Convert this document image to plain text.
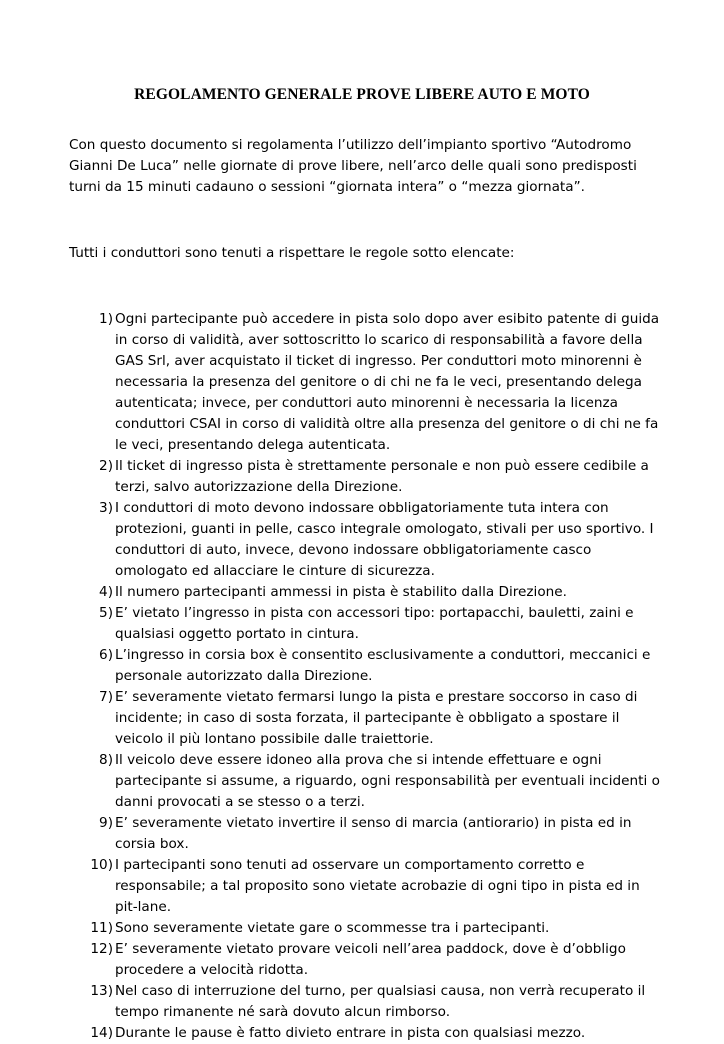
REGOLAMENTO GENERALE PROVE LIBERE AUTO E MOTO

Con questo documento si regolamenta l’utilizzo dell’impianto sportivo “Autodromo Gianni De Luca” nelle giornate di prove libere, nell’arco delle quali sono predisposti turni da 15 minuti cadauno o sessioni “giornata intera” o “mezza giornata”.

Tutti i conduttori sono tenuti a rispettare le regole sotto elencate:

1) Ogni partecipante può accedere in pista solo dopo aver esibito patente di guida in corso di validità, aver sottoscritto lo scarico di responsabilità a favore della GAS Srl, aver acquistato il ticket di ingresso. Per conduttori moto minorenni è necessaria la presenza del genitore o di chi ne fa le veci, presentando delega autenticata; invece, per conduttori auto minorenni è necessaria la licenza conduttori CSAI in corso di validità oltre alla presenza del genitore o di chi ne fa le veci, presentando delega autenticata.
2) Il ticket di ingresso pista è strettamente personale e non può essere cedibile a terzi, salvo autorizzazione della Direzione.
3) I conduttori di moto devono indossare obbligatoriamente tuta intera con protezioni, guanti in pelle, casco integrale omologato, stivali per uso sportivo. I conduttori di auto, invece, devono indossare obbligatoriamente casco omologato ed allacciare le cinture di sicurezza.
4) Il numero partecipanti ammessi in pista è stabilito dalla Direzione.
5) E’ vietato l’ingresso in pista con accessori tipo: portapacchi, bauletti, zaini e qualsiasi oggetto portato in cintura.
6) L’ingresso in corsia box è consentito esclusivamente a conduttori, meccanici e personale autorizzato dalla Direzione.
7) E’ severamente vietato fermarsi lungo la pista e prestare soccorso in caso di incidente; in caso di sosta forzata, il partecipante è obbligato a spostare il veicolo il più lontano possibile dalle traiettorie.
8) Il veicolo deve essere idoneo alla prova che si intende effettuare e ogni partecipante si assume, a riguardo, ogni responsabilità per eventuali incidenti o danni provocati a se stesso o a terzi.
9) E’ severamente vietato invertire il senso di marcia (antiorario) in pista ed in corsia box.
10) I partecipanti sono tenuti ad osservare un comportamento corretto e responsabile; a tal proposito sono vietate acrobazie di ogni tipo in pista ed in pit-lane.
11) Sono severamente vietate gare o scommesse tra i partecipanti.
12) E’ severamente vietato provare veicoli nell’area paddock, dove è d’obbligo procedere a velocità ridotta.
13) Nel caso di interruzione del turno, per qualsiasi causa, non verrà recuperato il tempo rimanente né sarà dovuto alcun rimborso.
14) Durante le pause è fatto divieto entrare in pista con qualsiasi mezzo.
